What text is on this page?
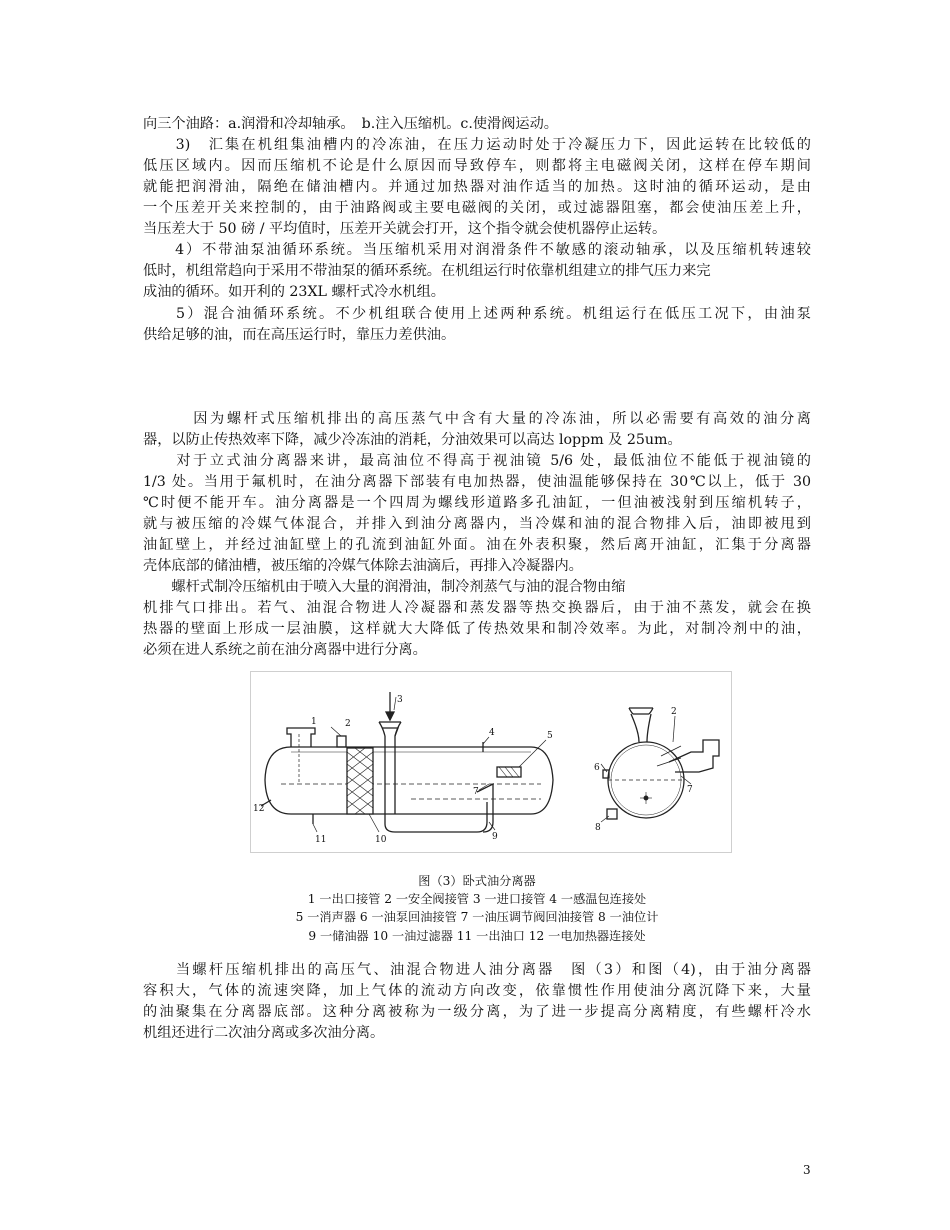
向三个油路：a.润滑和冷却轴承。　b.注入压缩机。c.使滑阀运动。
　　3)　汇集在机组集油槽内的冷冻油，在压力运动时处于冷凝压力下，因此运转在比较低的
低压区域内。因而压缩机不论是什么原因而导致停车，则都将主电磁阀关闭，这样在停车期间
就能把润滑油，隔绝在储油槽内。并通过加热器对油作适当的加热。这时油的循环运动，是由
一个压差开关来控制的，由于油路阀或主要电磁阀的关闭，或过滤器阻塞，都会使油压差上升，
当压差大于 50 磅 / 平均值时，压差开关就会打开，这个指令就会使机器停止运转。
　　4）不带油泵油循环系统。当压缩机采用对润滑条件不敏感的滚动轴承，以及压缩机转速较
低时，机组常趋向于采用不带油泵的循环系统。在机组运行时依靠机组建立的排气压力来完
成油的循环。如开利的 23XL 螺杆式冷水机组。
　　5）混合油循环系统。不少机组联合使用上述两种系统。机组运行在低压工况下，由油泵
供给足够的油，而在高压运行时，靠压力差供油。
　　　因为螺杆式压缩机排出的高压蒸气中含有大量的冷冻油，所以必需要有高效的油分离
器，以防止传热效率下降，减少冷冻油的消耗，分油效果可以高达 loppm 及 25um。
　　对于立式油分离器来讲，最高油位不得高于视油镜 5/6 处，最低油位不能低于视油镜的
1/3 处。当用于氟机时，在油分离器下部装有电加热器，使油温能够保持在 30℃以上，低于 30
℃时便不能开车。油分离器是一个四周为螺线形道路多孔油缸，一但油被浅射到压缩机转子，
就与被压缩的冷媒气体混合，并排入到油分离器内，当冷媒和油的混合物排入后，油即被甩到
油缸壁上，并经过油缸壁上的孔流到油缸外面。油在外表积聚，然后离开油缸，汇集于分离器
壳体底部的储油槽，被压缩的冷媒气体除去油滴后，再排入冷凝器内。
　　螺杆式制冷压缩机由于喷入大量的润滑油，制冷剂蒸气与油的混合物由缩
机排气口排出。若气、油混合物进人冷凝器和蒸发器等热交换器后，由于油不蒸发，就会在换
热器的壁面上形成一层油膜，这样就大大降低了传热效果和制冷效率。为此，对制冷剂中的油，
必须在进人系统之前在油分离器中进行分离。
1	2
3
4	5
7
9
10
11
12
2
6
7
8
图（3）卧式油分离器
1 一出口接管 2 一安全阀接管 3 一进口接管 4 一感温包连接处
5 一消声器 6 一油泵回油接管 7 一油压调节阀回油接管 8 一油位计
9 一储油器 10 一油过滤器 11 一出油口 12 一电加热器连接处
　　当螺杆压缩机排出的高压气、油混合物进人油分离器　图（3）和图（4)，由于油分离器
容积大，气体的流速突降，加上气体的流动方向改变，依靠惯性作用使油分离沉降下来，大量
的油聚集在分离器底部。这种分离被称为一级分离，为了进一步提高分离精度，有些螺杆冷水
机组还进行二次油分离或多次油分离。
3
